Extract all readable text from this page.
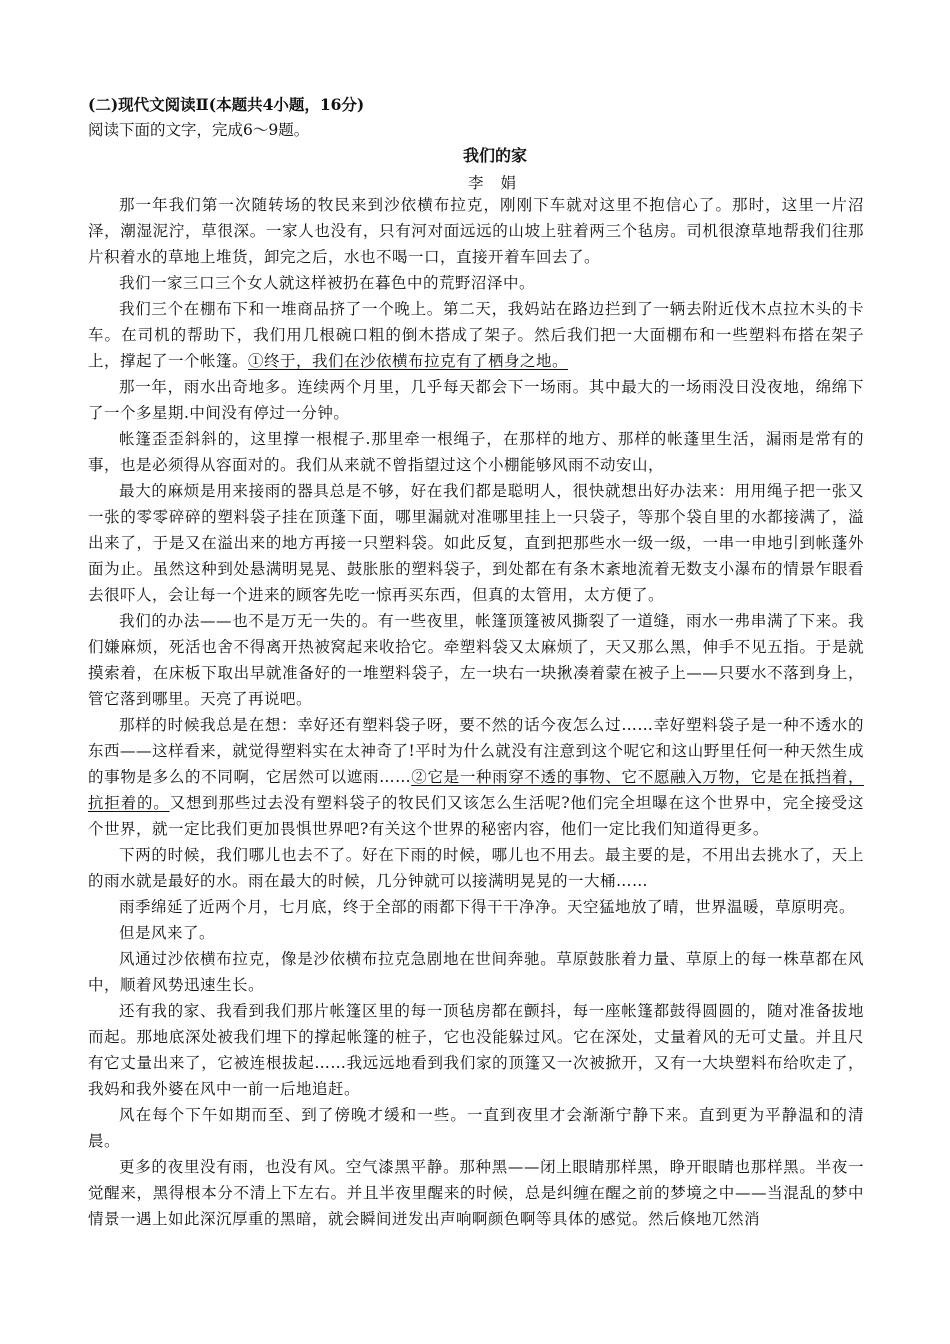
(二)现代文阅读Ⅱ(本题共4小题，16分)
阅读下面的文字，完成6～9题。
我们的家
李 娟

那一年我们第一次随转场的牧民来到沙依横布拉克，刚刚下车就对这里不抱信心了。那时，这里一片沼泽，潮湿泥泞，草很深。一家人也没有，只有河对面远远的山坡上驻着两三个毡房。司机很潦草地帮我们往那片积着水的草地上堆货，卸完之后，水也不喝一口，直接开着车回去了。

我们一家三口三个女人就这样被扔在暮色中的荒野沼泽中。

我们三个在棚布下和一堆商品挤了一个晚上。第二天，我妈站在路边拦到了一辆去附近伐木点拉木头的卡车。在司机的帮助下，我们用几根碗口粗的倒木搭成了架子。然后我们把一大面棚布和一些塑料布搭在架子上，撑起了一个帐篷。①终于，我们在沙依横布拉克有了栖身之地。

那一年，雨水出奇地多。连续两个月里，几乎每天都会下一场雨。其中最大的一场雨没日没夜地，绵绵下了一个多星期.中间没有停过一分钟。

帐篷歪歪斜斜的，这里撑一根棍子.那里牵一根绳子，在那样的地方、那样的帐蓬里生活，漏雨是常有的事，也是必须得从容面对的。我们从来就不曾指望过这个小棚能够风雨不动安山，

最大的麻烦是用来接雨的器具总是不够，好在我们都是聪明人，很快就想出好办法来：用用绳子把一张又一张的零零碎碎的塑料袋子挂在顶蓬下面，哪里漏就对准哪里挂上一只袋子，等那个袋自里的水都接满了，溢出来了，于是又在溢出来的地方再接一只塑料袋。如此反复，直到把那些水一级一级，一串一申地引到帐蓬外面为止。虽然这种到处悬满明晃晃、鼓胀胀的塑料袋子，到处都在有条木紊地流着无数支小瀑布的情景乍眼看去很吓人，会让每一个进来的顾客先吃一惊再买东西，但真的太管用，太方便了。

我们的办法——也不是万无一失的。有一些夜里，帐篷顶篷被风撕裂了一道缝，雨水一弗串满了下来。我们嫌麻烦，死活也舍不得离开热被窝起来收拾它。牵塑料袋又太麻烦了，天又那么黑，伸手不见五指。于是就摸索着，在床板下取出早就准备好的一堆塑料袋子，左一块右一块揪凑着蒙在被子上——只要水不落到身上，管它落到哪里。天亮了再说吧。

那样的时候我总是在想：幸好还有塑料袋子呀，要不然的话今夜怎么过……幸好塑料袋子是一种不透水的东西——这样看来，就觉得塑料实在太神奇了!平时为什么就没有注意到这个呢它和这山野里任何一种天然生成的事物是多么的不同啊，它居然可以遮雨……②它是一种雨穿不透的事物、它不愿融入万物，它是在抵挡着，抗拒着的。又想到那些过去没有塑料袋子的牧民们又该怎么生活呢?他们完全坦曝在这个世界中，完全接受这个世界，就一定比我们更加畏惧世界吧?有关这个世界的秘密内容，他们一定比我们知道得更多。

下两的时候，我们哪儿也去不了。好在下雨的时候，哪儿也不用去。最主要的是，不用出去挑水了，天上的雨水就是最好的水。雨在最大的时候，几分钟就可以接满明晃晃的一大桶……

雨季绵延了近两个月，七月底，终于全部的雨都下得干干净净。天空猛地放了晴，世界温暖，草原明亮。

但是风来了。

风通过沙依横布拉克，像是沙依横布拉克急剧地在世间奔驰。草原鼓胀着力量、草原上的每一株草都在风中，顺着风势迅速生长。

还有我的家、我看到我们那片帐篷区里的每一顶毡房都在颤抖，每一座帐篷都鼓得圆圆的，随对准备拔地而起。那地底深处被我们埋下的撑起帐篷的桩子，它也没能躲过风。它在深处，丈量着风的无可丈量。并且尺有它丈量出来了，它被连根拔起……我远远地看到我们家的顶篷又一次被掀开，又有一大块塑料布给吹走了，我妈和我外婆在风中一前一后地追赶。

风在每个下午如期而至、到了傍晚才缓和一些。一直到夜里才会渐渐宁静下来。直到更为平静温和的清晨。

更多的夜里没有雨，也没有风。空气漆黑平静。那种黑——闭上眼睛那样黑，睁开眼睛也那样黑。半夜一觉醒来，黑得根本分不清上下左右。并且半夜里醒来的时候，总是纠缠在醒之前的梦境之中——当混乱的梦中情景一遇上如此深沉厚重的黑暗，就会瞬间迸发出声响啊颜色啊等具体的感觉。然后倏地兀然消
